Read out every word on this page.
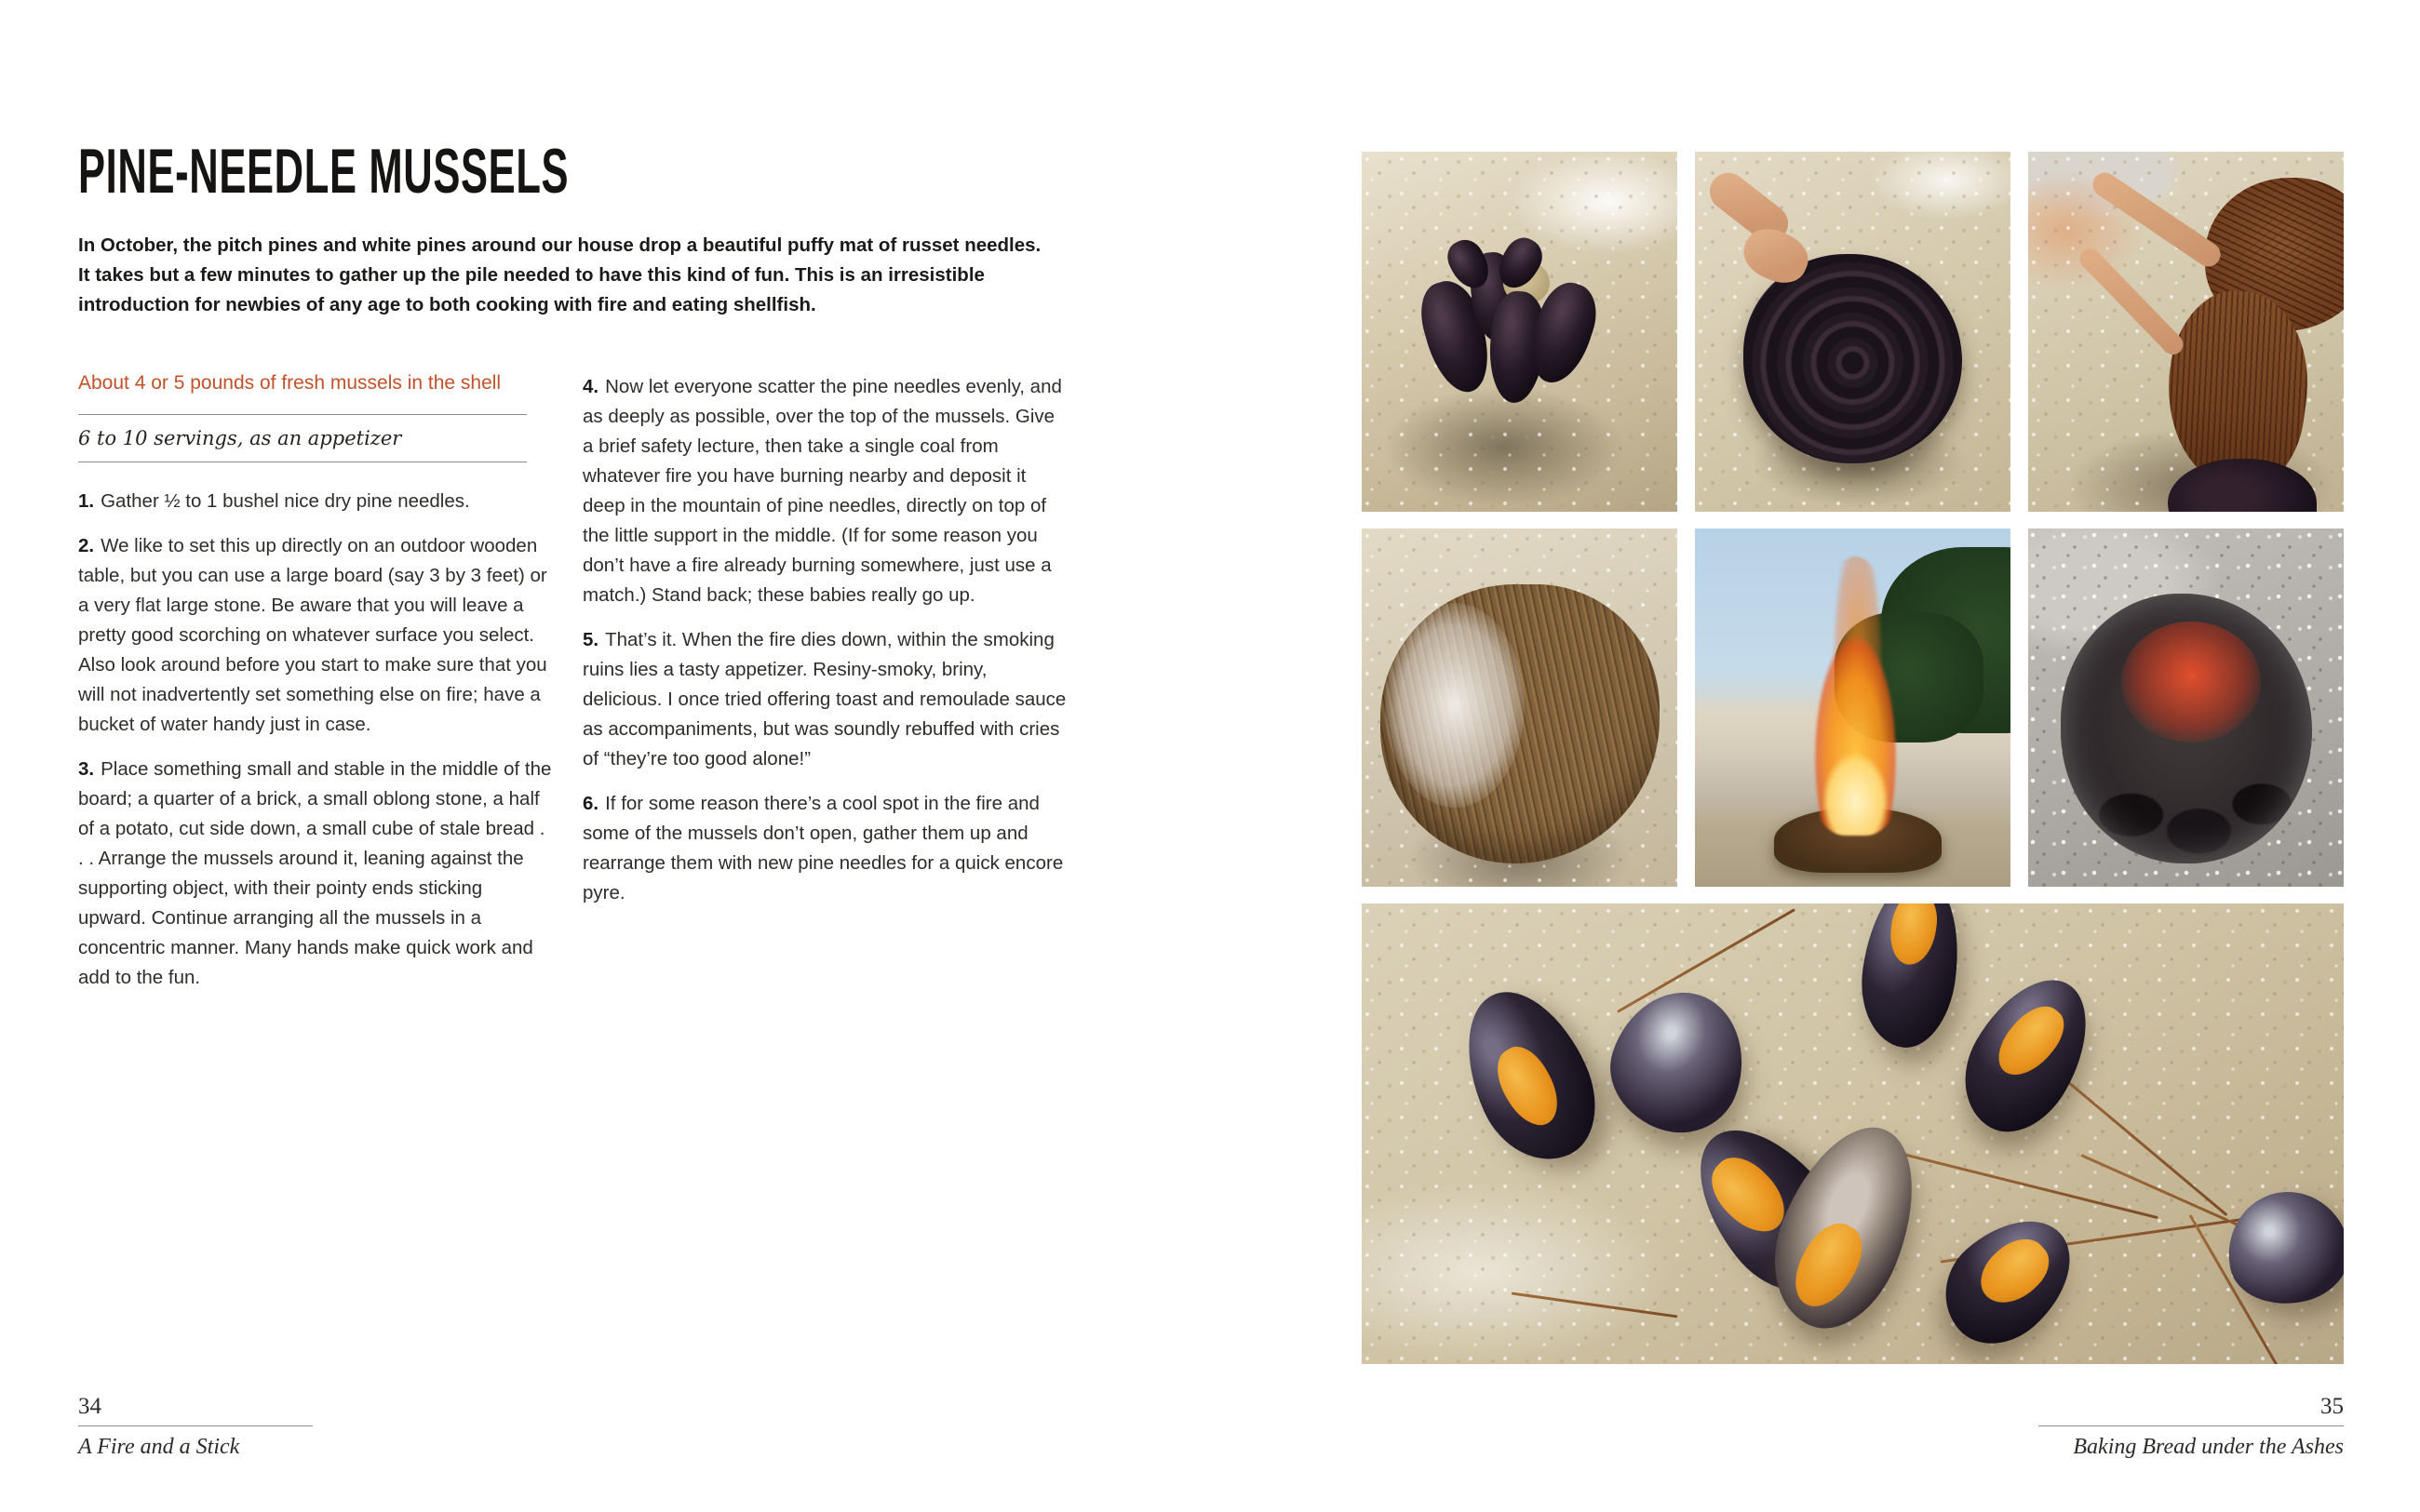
PINE-NEEDLE MUSSELS
In October, the pitch pines and white pines around our house drop a beautiful puffy mat of russet needles.
It takes but a few minutes to gather up the pile needed to have this kind of fun. This is an irresistible
introduction for newbies of any age to both cooking with fire and eating shellfish.
About 4 or 5 pounds of fresh mussels in the shell
6 to 10 servings, as an appetizer

1. Gather ½ to 1 bushel nice dry pine needles.

2. We like to set this up directly on an outdoor wooden table, but you can use a large board (say 3 by 3 feet) or a very flat large stone. Be aware that you will leave a pretty good scorching on whatever surface you select. Also look around before you start to make sure that you will not inadvertently set something else on fire; have a bucket of water handy just in case.

3. Place something small and stable in the middle of the board; a quarter of a brick, a small oblong stone, a half of a potato, cut side down, a small cube of stale bread . . . Arrange the mussels around it, leaning against the supporting object, with their pointy ends sticking upward. Continue arranging all the mussels in a concentric manner. Many hands make quick work and add to the fun.

4. Now let everyone scatter the pine needles evenly, and as deeply as possible, over the top of the mussels. Give a brief safety lecture, then take a single coal from whatever fire you have burning nearby and deposit it deep in the mountain of pine needles, directly on top of the little support in the middle. (If for some reason you don’t have a fire already burning somewhere, just use a match.) Stand back; these babies really go up.

5. That’s it. When the fire dies down, within the smoking ruins lies a tasty appetizer. Resiny-smoky, briny, delicious. I once tried offering toast and remoulade sauce as accompaniments, but was soundly rebuffed with cries of “they’re too good alone!”

6. If for some reason there’s a cool spot in the fire and some of the mussels don’t open, gather them up and rearrange them with new pine needles for a quick encore pyre.

34
A Fire and a Stick
35
Baking Bread under the Ashes
